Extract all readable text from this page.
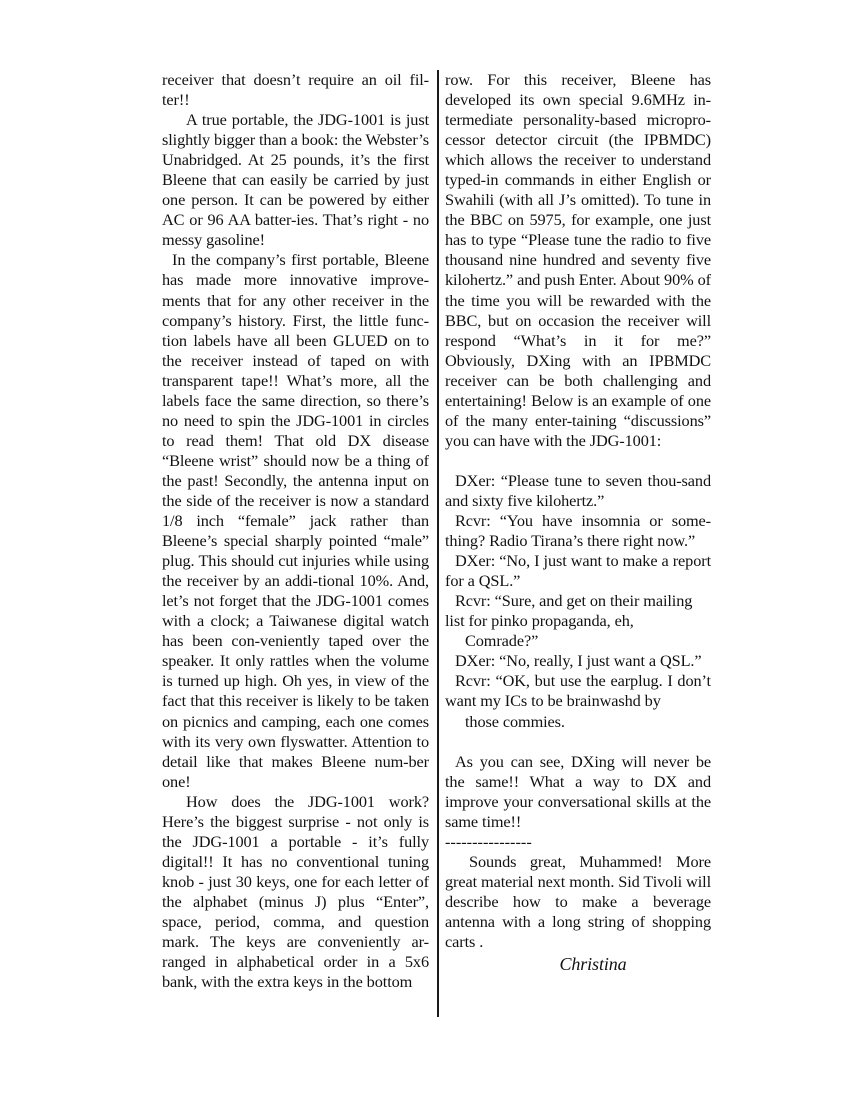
receiver that doesn’t require an oil fil-ter!!

A true portable, the JDG-1001 is just slightly bigger than a book: the Webster’s Unabridged. At 25 pounds, it’s the first Bleene that can easily be carried by just one person. It can be powered by either AC or 96 AA batter-ies. That’s right - no messy gasoline!

In the company’s first portable, Bleene has made more innovative improve-ments that for any other receiver in the company’s history. First, the little func-tion labels have all been GLUED on to the receiver instead of taped on with transparent tape!! What’s more, all the labels face the same direction, so there’s no need to spin the JDG-1001 in circles to read them! That old DX disease “Bleene wrist” should now be a thing of the past! Secondly, the antenna input on the side of the receiver is now a standard 1/8 inch “female” jack rather than Bleene’s special sharply pointed “male” plug. This should cut injuries while using the receiver by an addi-tional 10%. And, let’s not forget that the JDG-1001 comes with a clock; a Taiwanese digital watch has been con-veniently taped over the speaker. It only rattles when the volume is turned up high. Oh yes, in view of the fact that this receiver is likely to be taken on picnics and camping, each one comes with its very own flyswatter. Attention to detail like that makes Bleene num-ber one!

How does the JDG-1001 work? Here’s the biggest surprise - not only is the JDG-1001 a portable - it’s fully digital!! It has no conventional tuning knob - just 30 keys, one for each letter of the alphabet (minus J) plus “Enter”, space, period, comma, and question mark. The keys are conveniently ar-ranged in alphabetical order in a 5x6 bank, with the extra keys in the bottom

row. For this receiver, Bleene has developed its own special 9.6MHz in-termediate personality-based micropro-cessor detector circuit (the IPBMDC) which allows the receiver to understand typed-in commands in either English or Swahili (with all J’s omitted). To tune in the BBC on 5975, for example, one just has to type “Please tune the radio to five thousand nine hundred and seventy five kilohertz.” and push Enter. About 90% of the time you will be rewarded with the BBC, but on occasion the receiver will respond “What’s in it for me?” Obviously, DXing with an IPBMDC receiver can be both challenging and entertaining! Below is an example of one of the many enter-taining “discussions” you can have with the JDG-1001:

DXer: “Please tune to seven thou-sand and sixty five kilohertz.”

Rcvr: “You have insomnia or some-thing? Radio Tirana’s there right now.”

DXer: “No, I just want to make a report for a QSL.”

Rcvr: “Sure, and get on their mailing list for pinko propaganda, eh,

Comrade?”

DXer: “No, really, I just want a QSL.”

Rcvr: “OK, but use the earplug. I don’t want my ICs to be brainwashd by

those commies.

As you can see, DXing will never be the same!! What a way to DX and improve your conversational skills at the same time!!

----------------

Sounds great, Muhammed! More great material next month. Sid Tivoli will describe how to make a beverage antenna with a long string of shopping carts .

Christina
